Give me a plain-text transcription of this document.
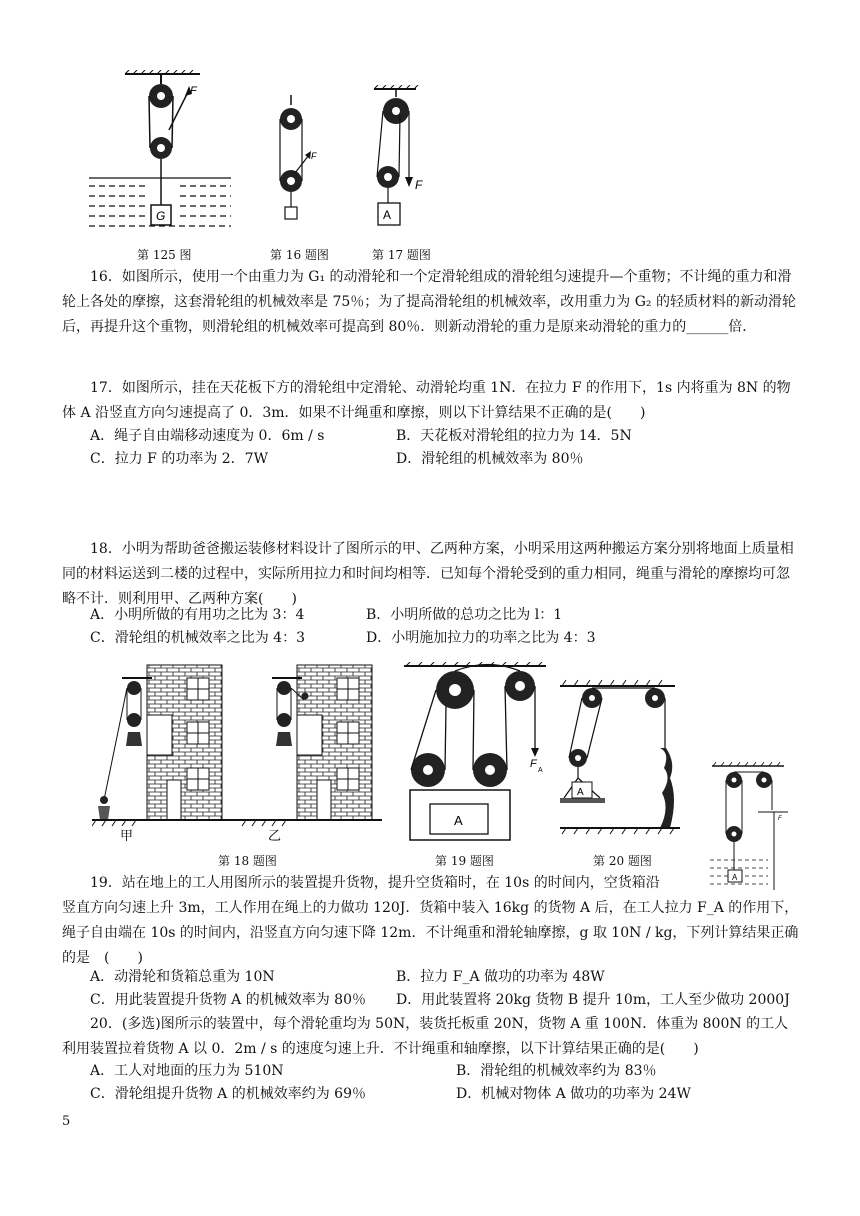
F
G
F
F
A
第 125 图	第 16 题图	第 17 题图
16．如图所示，使用一个由重力为 G₁ 的动滑轮和一个定滑轮组成的滑轮组匀速提升—个重物；不计绳的重力和滑轮上各处的摩擦，这套滑轮组的机械效率是 75％；为了提高滑轮组的机械效率，改用重力为 G₂ 的轻质材料的新动滑轮后，再提升这个重物，则滑轮组的机械效率可提高到 80％．则新动滑轮的重力是原来动滑轮的重力的______倍．
17．如图所示，挂在天花板下方的滑轮组中定滑轮、动滑轮均重 1N．在拉力 F 的作用下，1s 内将重为 8N 的物体 A 沿竖直方向匀速提高了 0．3m．如果不计绳重和摩擦，则以下计算结果不正确的是(　　)
A．绳子自由端移动速度为 0．6m / s	B．天花板对滑轮组的拉力为 14．5N
C．拉力 F 的功率为 2．7W	D．滑轮组的机械效率为 80％
18．小明为帮助爸爸搬运装修材料设计了图所示的甲、乙两种方案，小明采用这两种搬运方案分别将地面上质量相同的材料运送到二楼的过程中，实际所用拉力和时间均相等．已知每个滑轮受到的重力相同，绳重与滑轮的摩擦均可忽略不计．则利用甲、乙两种方案(　　)
A．小明所做的有用功之比为 3：4	B．小明所做的总功之比为 l：1
C．滑轮组的机械效率之比为 4：3	D．小明施加拉力的功率之比为 4：3
甲	乙
F
A
A
A
F
A
第 18 题图	第 19 题图	第 20 题图
19．站在地上的工人用图所示的装置提升货物，提升空货箱时，在 10s 的时间内，空货箱沿
竖直方向匀速上升 3m，工人作用在绳上的力做功 120J．货箱中装入 16kg 的货物 A 后，在工人拉力 F_A 的作用下，绳子自由端在 10s 的时间内，沿竖直方向匀速下降 12m．不计绳重和滑轮轴摩擦，g 取 10N / kg，下列计算结果正确的是　(　　)
A．动滑轮和货箱总重为 10N	B．拉力 F_A 做功的功率为 48W
C．用此装置提升货物 A 的机械效率为 80％ D．用此装置将 20kg 货物 B 提升 10m，工人至少做功 2000J
20．(多选)图所示的装置中，每个滑轮重均为 50N，装货托板重 20N，货物 A 重 100N．体重为 800N 的工人利用装置拉着货物 A 以 0．2m / s 的速度匀速上升．不计绳重和轴摩擦，以下计算结果正确的是(　　)
A．工人对地面的压力为 510N	B．滑轮组的机械效率约为 83％
C．滑轮组提升货物 A 的机械效率约为 69％	D．机械对物体 A 做功的功率为 24W
5
